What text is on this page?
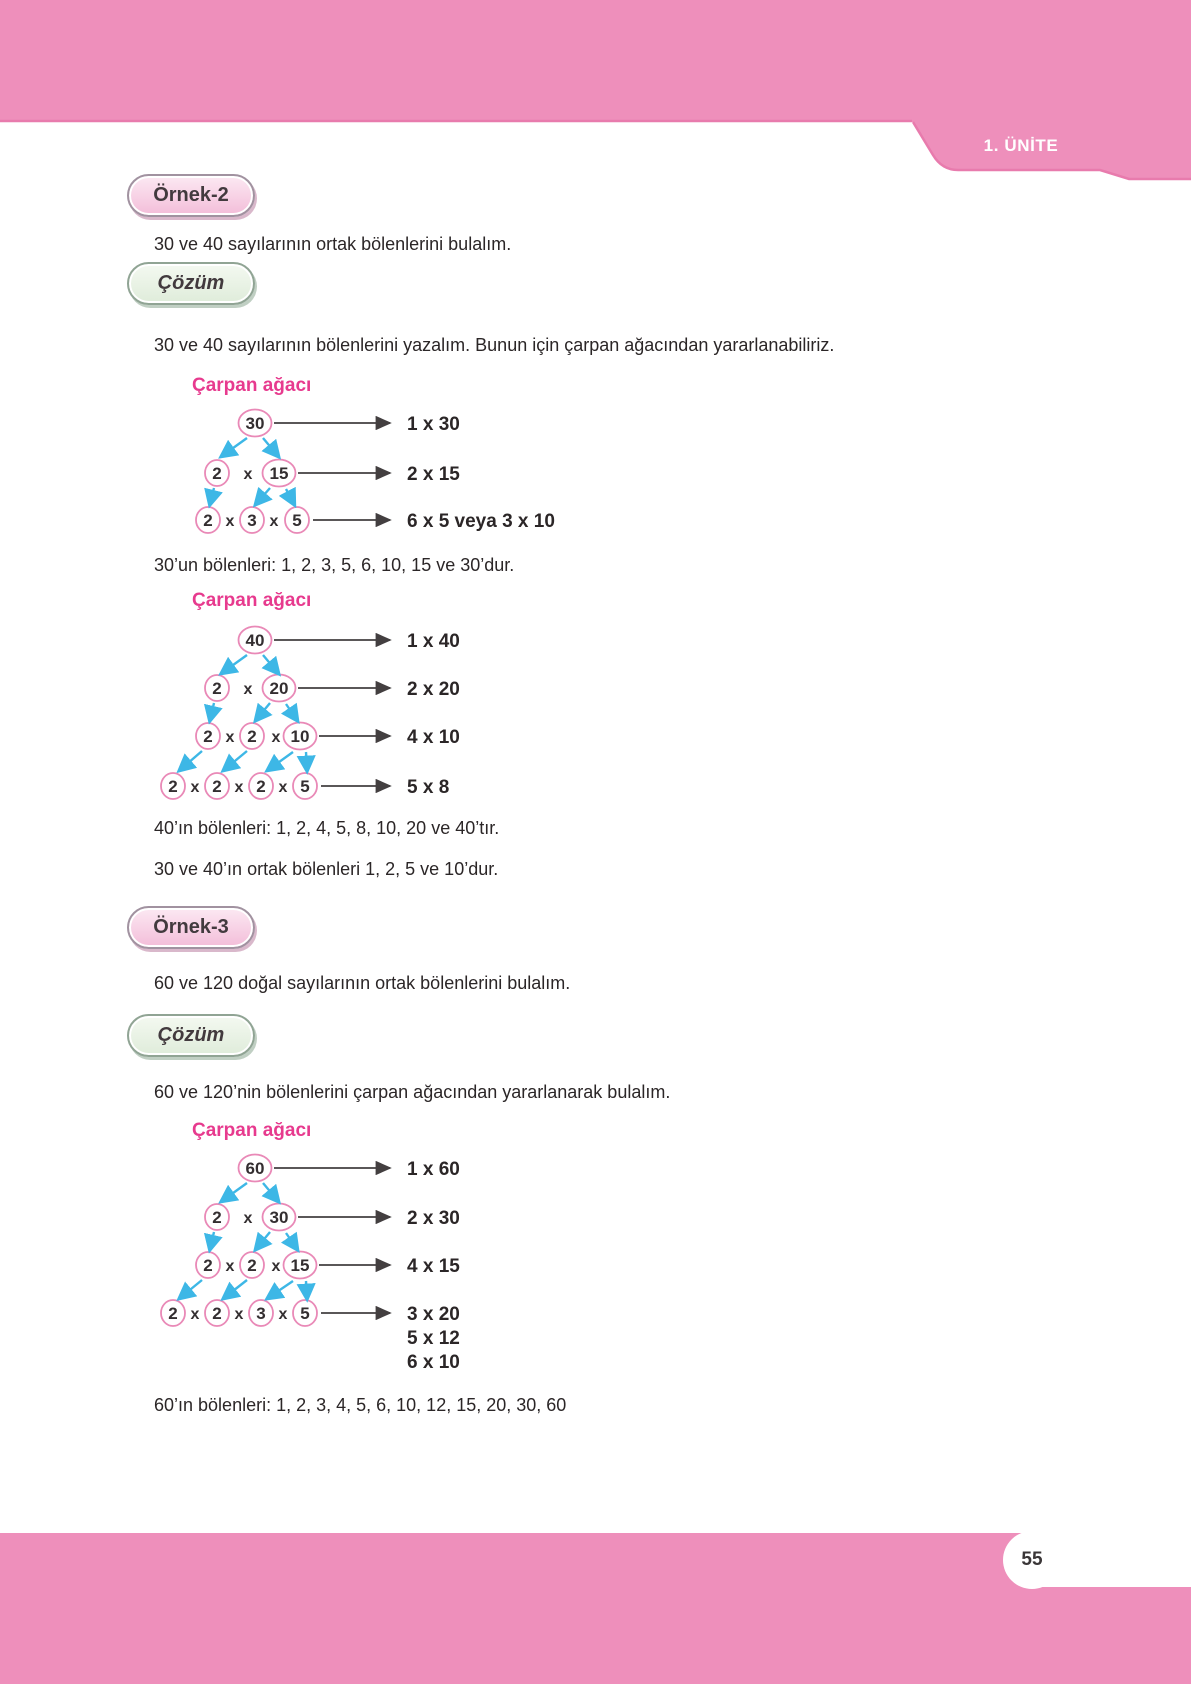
1. ÜNİTE
Örnek-2
30 ve 40 sayılarının ortak bölenlerini bulalım.
Çözüm
30 ve 40 sayılarının bölenlerini yazalım. Bunun için çarpan ağacından yararlanabiliriz.
Çarpan ağacı
Çarpan ağacı
Çarpan ağacı
30’un bölenleri: 1, 2, 3, 5, 6, 10, 15 ve 30’dur.
40’ın bölenleri: 1, 2, 4, 5, 8, 10, 20 ve 40’tır.
30 ve 40’ın ortak bölenleri 1, 2, 5 ve 10’dur.
Örnek-3
60 ve 120 doğal sayılarının ortak bölenlerini bulalım.
Çözüm
60 ve 120’nin bölenlerini çarpan ağacından yararlanarak bulalım.
60’ın bölenleri: 1, 2, 3, 4, 5, 6, 10, 12, 15, 20, 30, 60
30	1 x 30
2 x 15	2 x 15
2 x 3 x 5	6 x 5 veya 3 x 10
40	1 x 40
2 x 20	2 x 20
2 x 2 x 10	4 x 10
2 x 2 x 2 x 5	5 x 8
60	1 x 60
2 x 30	2 x 30
2 x 2 x 15	4 x 15
2 x 2 x 3 x 5	3 x 20
5 x 12
6 x 10
55
